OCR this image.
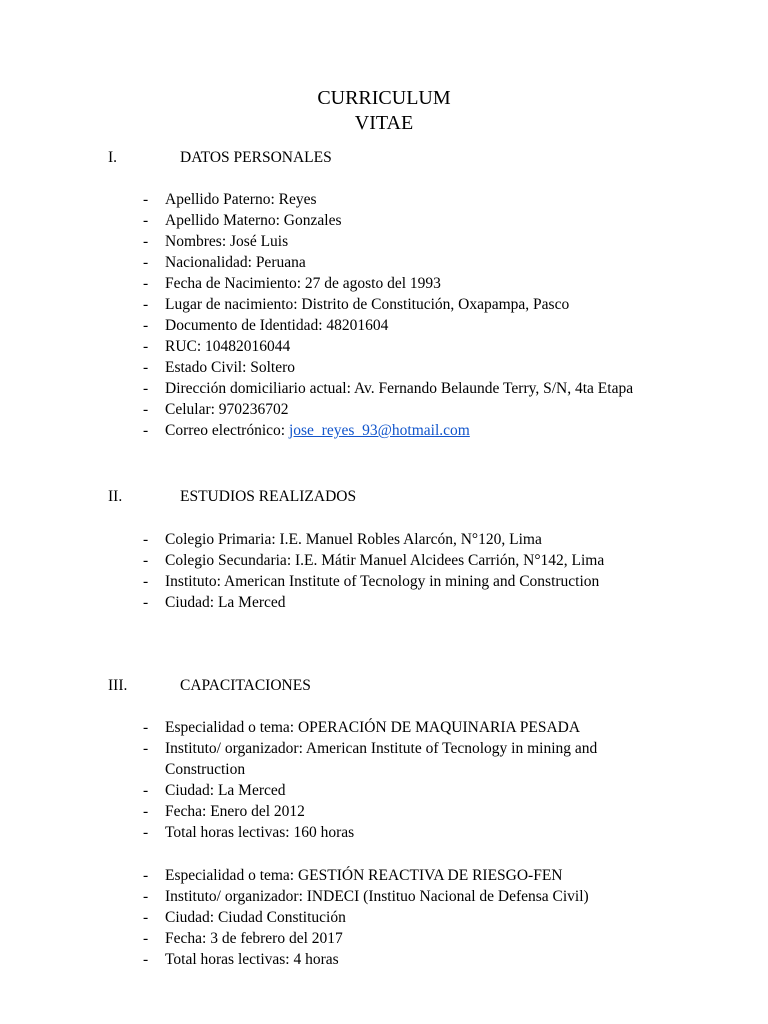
CURRICULUM
VITAE
I.	DATOS PERSONALES
- Apellido Paterno: Reyes
- Apellido Materno: Gonzales
- Nombres: José Luis
- Nacionalidad: Peruana
- Fecha de Nacimiento: 27 de agosto del 1993
- Lugar de nacimiento: Distrito de Constitución, Oxapampa, Pasco
- Documento de Identidad: 48201604
- RUC: 10482016044
- Estado Civil: Soltero
- Dirección domiciliario actual: Av. Fernando Belaunde Terry, S/N, 4ta Etapa
- Celular: 970236702
- Correo electrónico: jose_reyes_93@hotmail.com
II.	ESTUDIOS REALIZADOS
- Colegio Primaria: I.E. Manuel Robles Alarcón, N°120, Lima
- Colegio Secundaria: I.E. Mátir Manuel Alcidees Carrión, N°142, Lima
- Instituto: American Institute of Tecnology in mining and Construction
- Ciudad: La Merced
III.	CAPACITACIONES
- Especialidad o tema: OPERACIÓN DE MAQUINARIA PESADA
- Instituto/ organizador: American Institute of Tecnology in mining and Construction
- Ciudad: La Merced
- Fecha: Enero del 2012
- Total horas lectivas: 160 horas
- Especialidad o tema: GESTIÓN REACTIVA DE RIESGO-FEN
- Instituto/ organizador: INDECI (Instituo Nacional de Defensa Civil)
- Ciudad: Ciudad Constitución
- Fecha: 3 de febrero del 2017
- Total horas lectivas: 4 horas
